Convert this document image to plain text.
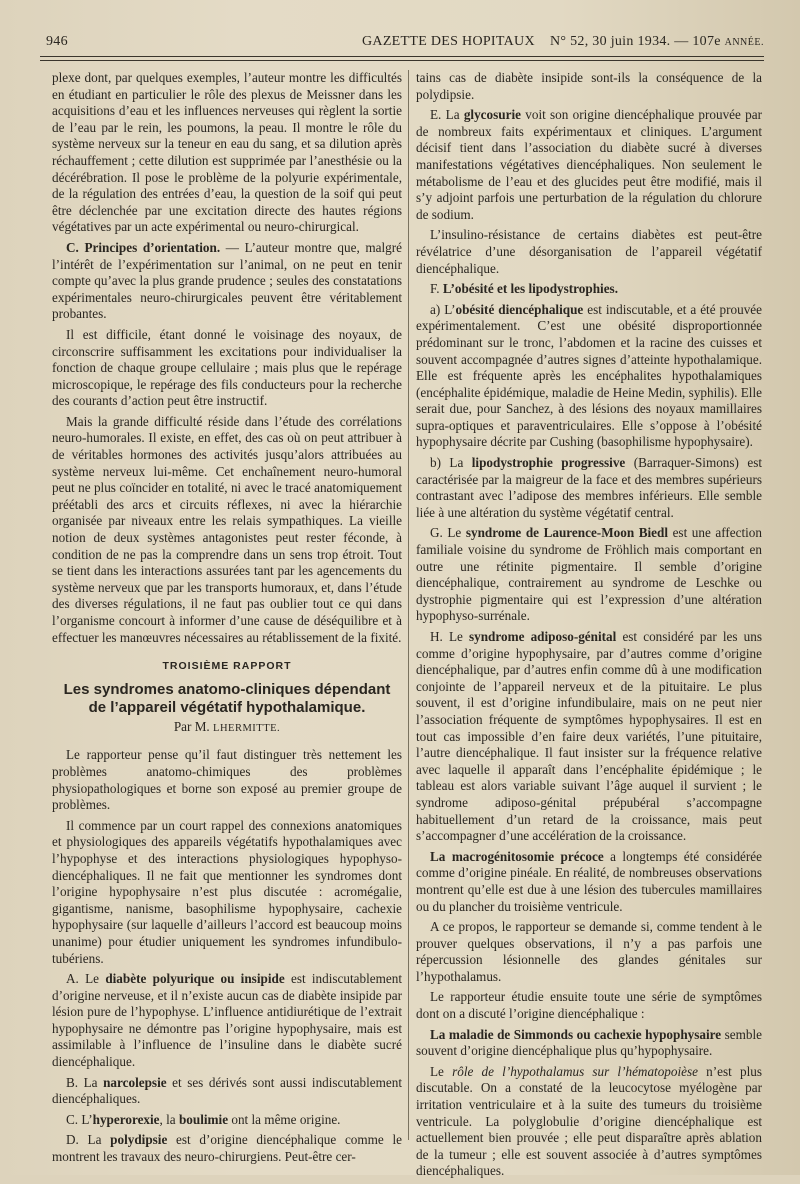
946	GAZETTE DES HOPITAUX N° 52, 30 juin 1934. — 107e ANNÉE.

plexe dont, par quelques exemples, l’auteur montre les difficultés en étudiant en particulier le rôle des plexus de Meissner dans les acquisitions d’eau et les influences nerveuses qui règlent la sortie de l’eau par le rein, les poumons, la peau. Il montre le rôle du système nerveux sur la teneur en eau du sang, et sa dilution après réchauffement ; cette dilution est supprimée par l’anesthésie ou la décérébration. Il pose le problème de la polyurie expérimentale, de la régulation des entrées d’eau, la question de la soif qui peut être déclenchée par une excitation directe des hautes régions végétatives par un acte expérimental ou neuro-chirurgical.

C. Principes d’orientation. — L’auteur montre que, malgré l’intérêt de l’expérimentation sur l’animal, on ne peut en tenir compte qu’avec la plus grande prudence ; seules des constatations expérimentales neuro-chirurgicales peuvent être véritablement probantes.

Il est difficile, étant donné le voisinage des noyaux, de circonscrire suffisamment les excitations pour individualiser la fonction de chaque groupe cellulaire ; mais plus que le repérage microscopique, le repérage des fils conducteurs pour la recherche des courants d’action peut être instructif.

Mais la grande difficulté réside dans l’étude des corrélations neuro-humorales. Il existe, en effet, des cas où on peut attribuer à de véritables hormones des activités jusqu’alors attribuées au système nerveux lui-même. Cet enchaînement neuro-humoral peut ne plus coïncider en totalité, ni avec le tracé anatomiquement préétabli des arcs et circuits réflexes, ni avec la hiérarchie organisée par niveaux entre les relais sympathiques. La vieille notion de deux systèmes antagonistes peut rester féconde, à condition de ne pas la comprendre dans un sens trop étroit. Tout se tient dans les interactions assurées tant par les agencements du système nerveux que par les transports humoraux, et, dans l’étude des diverses régulations, il ne faut pas oublier tout ce qui dans l’organisme concourt à informer d’une cause de déséquilibre et à effectuer les manœuvres nécessaires au rétablissement de la fixité.

TROISIÈME RAPPORT
Les syndromes anatomo-cliniques dépendant
de l’appareil végétatif hypothalamique.
Par M. LHERMITTE.

Le rapporteur pense qu’il faut distinguer très nettement les problèmes anatomo-chimiques des problèmes physiopathologiques et borne son exposé au premier groupe de problèmes.

Il commence par un court rappel des connexions anatomiques et physiologiques des appareils végétatifs hypothalamiques avec l’hypophyse et des interactions physiologiques hypophyso-diencéphaliques. Il ne fait que mentionner les syndromes dont l’origine hypophysaire n’est plus discutée : acromégalie, gigantisme, nanisme, basophilisme hypophysaire, cachexie hypophysaire (sur laquelle d’ailleurs l’accord est beaucoup moins unanime) pour étudier uniquement les syndromes infundibulo-tubériens.

A. Le diabète polyurique ou insipide est indiscutablement d’origine nerveuse, et il n’existe aucun cas de diabète insipide par lésion pure de l’hypophyse. L’influence antidiurétique de l’extrait hypophysaire ne démontre pas l’origine hypophysaire, mais est assimilable à l’influence de l’insuline dans le diabète sucré diencéphalique.

B. La narcolepsie et ses dérivés sont aussi indiscutablement diencéphaliques.

C. L’hyperorexie, la boulimie ont la même origine.

D. La polydipsie est d’origine diencéphalique comme le montrent les travaux des neuro-chirurgiens. Peut-être cer-

tains cas de diabète insipide sont-ils la conséquence de la polydipsie.

E. La glycosurie voit son origine diencéphalique prouvée par de nombreux faits expérimentaux et cliniques. L’argument décisif tient dans l’association du diabète sucré à diverses manifestations végétatives diencéphaliques. Non seulement le métabolisme de l’eau et des glucides peut être modifié, mais il s’y adjoint parfois une perturbation de la régulation du chlorure de sodium.

L’insulino-résistance de certains diabètes est peut-être révélatrice d’une désorganisation de l’appareil végétatif diencéphalique.

F. L’obésité et les lipodystrophies.

a) L’obésité diencéphalique est indiscutable, et a été prouvée expérimentalement. C’est une obésité disproportionnée prédominant sur le tronc, l’abdomen et la racine des cuisses et souvent accompagnée d’autres signes d’atteinte hypothalamique. Elle est fréquente après les encéphalites hypothalamiques (encéphalite épidémique, maladie de Heine Medin, syphilis). Elle serait due, pour Sanchez, à des lésions des noyaux mamillaires supra-optiques et paraventriculaires. Elle s’oppose à l’obésité hypophysaire décrite par Cushing (basophilisme hypophysaire).

b) La lipodystrophie progressive (Barraquer-Simons) est caractérisée par la maigreur de la face et des membres supérieurs contrastant avec l’adipose des membres inférieurs. Elle semble liée à une altération du système végétatif central.

G. Le syndrome de Laurence-Moon Biedl est une affection familiale voisine du syndrome de Fröhlich mais comportant en outre une rétinite pigmentaire. Il semble d’origine diencéphalique, contrairement au syndrome de Leschke ou dystrophie pigmentaire qui est l’expression d’une altération hypophyso-surrénale.

H. Le syndrome adiposo-génital est considéré par les uns comme d’origine hypophysaire, par d’autres comme d’origine diencéphalique, par d’autres enfin comme dû à une modification conjointe de l’appareil nerveux et de la pituitaire. Le plus souvent, il est d’origine infundibulaire, mais on ne peut nier l’association fréquente de symptômes hypophysaires. Il est en tout cas impossible d’en faire deux variétés, l’une pituitaire, l’autre diencéphalique. Il faut insister sur la fréquence relative avec laquelle il apparaît dans l’encéphalite épidémique ; le tableau est alors variable suivant l’âge auquel il survient ; le syndrome adiposo-génital prépubéral s’accompagne habituellement d’un retard de la croissance, mais peut s’accompagner d’une accélération de la croissance.

La macrogénitosomie précoce a longtemps été considérée comme d’origine pinéale. En réalité, de nombreuses observations montrent qu’elle est due à une lésion des tubercules mamillaires ou du plancher du troisième ventricule.

A ce propos, le rapporteur se demande si, comme tendent à le prouver quelques observations, il n’y a pas parfois une répercussion lésionnelle des glandes génitales sur l’hypothalamus.

Le rapporteur étudie ensuite toute une série de symptômes dont on a discuté l’origine diencéphalique :

La maladie de Simmonds ou cachexie hypophysaire semble souvent d’origine diencéphalique plus qu’hypophysaire.

Le rôle de l’hypothalamus sur l’hématopoièse n’est plus discutable. On a constaté de la leucocytose myélogène par irritation ventriculaire et à la suite des tumeurs du troisième ventricule. La polyglobulie d’origine diencéphalique est actuellement bien prouvée ; elle peut disparaître après ablation de la tumeur ; elle est souvent associée à d’autres symptômes diencéphaliques.
